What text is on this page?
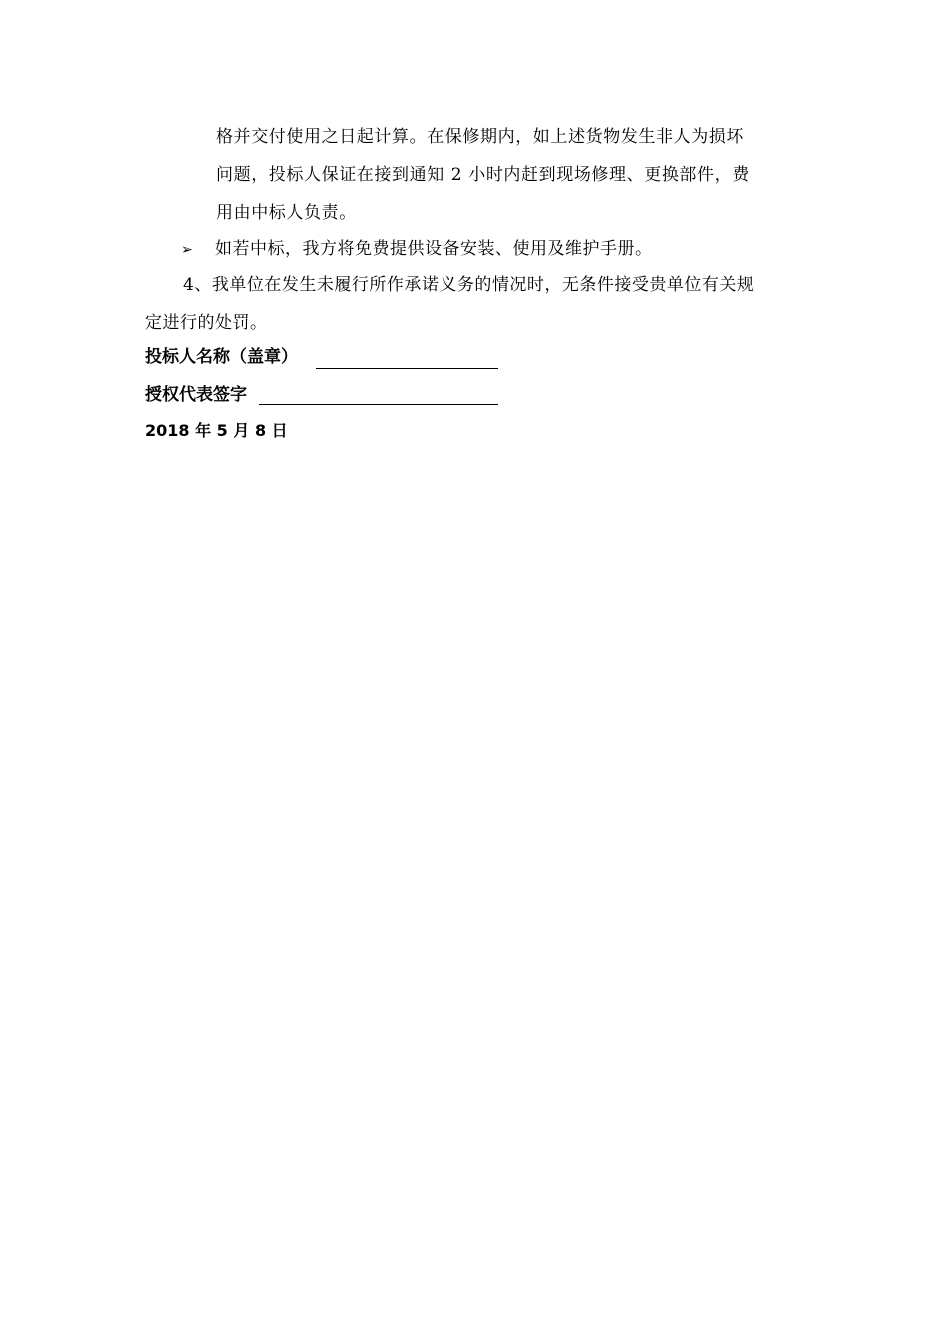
格并交付使用之日起计算。在保修期内，如上述货物发生非人为损坏
问题，投标人保证在接到通知 2 小时内赶到现场修理、更换部件，费
用由中标人负责。
➢ 如若中标，我方将免费提供设备安装、使用及维护手册。
4、我单位在发生未履行所作承诺义务的情况时，无条件接受贵单位有关规
定进行的处罚。
投标人名称（盖章）
授权代表签字
2018 年 5 月 8 日
